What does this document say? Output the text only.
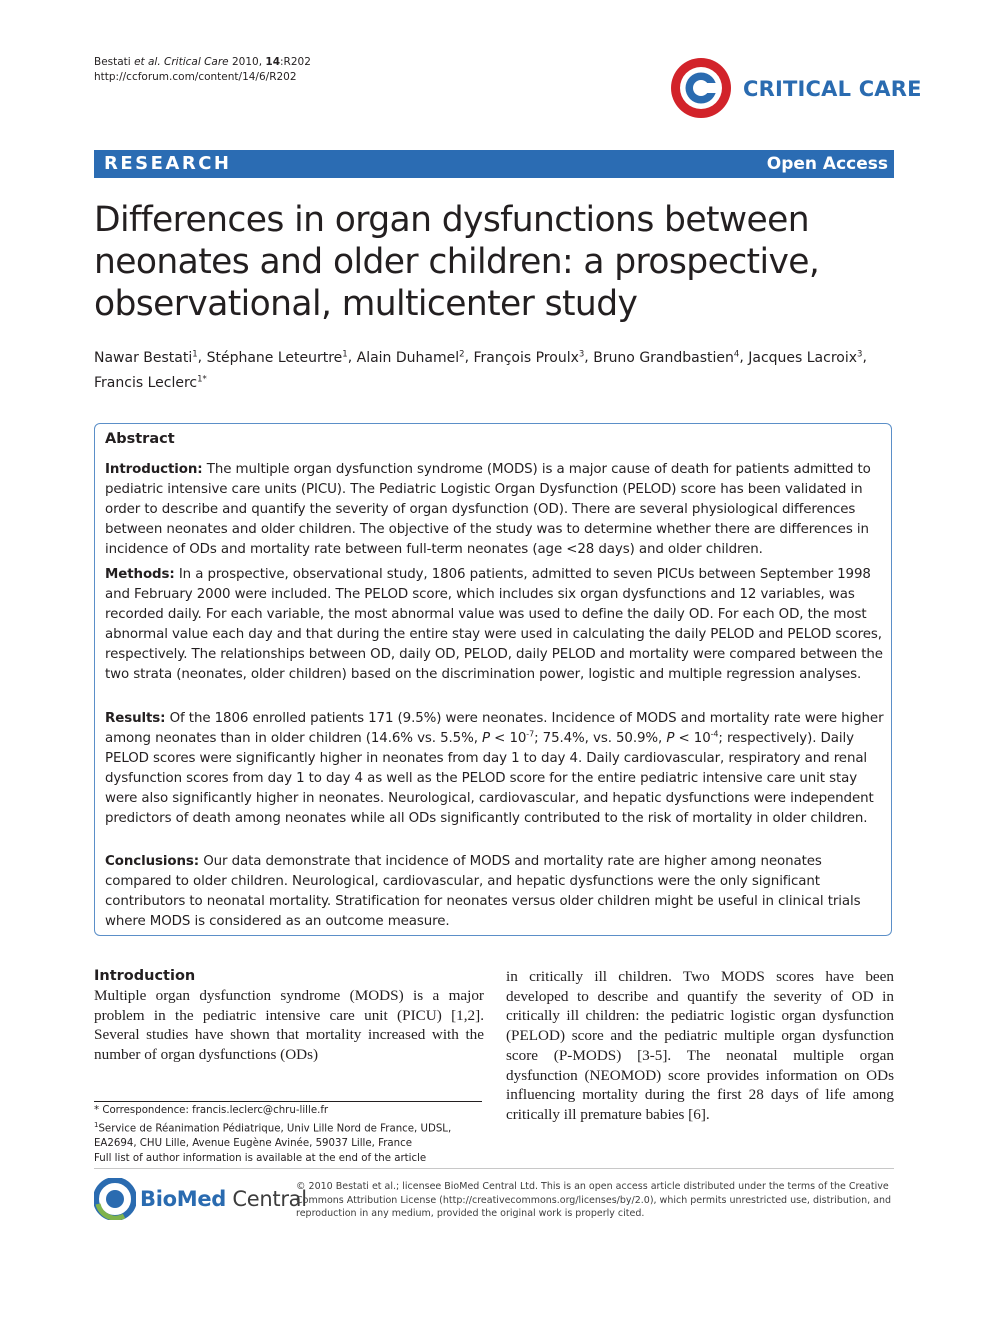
Bestati et al. Critical Care 2010, 14:R202
http://ccforum.com/content/14/6/R202	CRITICAL CARE
RESEARCH	Open Access
Differences in organ dysfunctions between neonates and older children: a prospective, observational, multicenter study
Nawar Bestati$^1$, Stéphane Leteurtre$^1$, Alain Duhamel$^2$, François Proulx$^3$, Bruno Grandbastien$^4$, Jacques Lacroix$^3$,
Francis Leclerc$^{1*}$
Abstract
Introduction: The multiple organ dysfunction syndrome (MODS) is a major cause of death for patients admitted to pediatric intensive care units (PICU). The Pediatric Logistic Organ Dysfunction (PELOD) score has been validated in order to describe and quantify the severity of organ dysfunction (OD). There are several physiological differences between neonates and older children. The objective of the study was to determine whether there are differences in incidence of ODs and mortality rate between full-term neonates (age <28 days) and older children.
Methods: In a prospective, observational study, 1806 patients, admitted to seven PICUs between September 1998 and February 2000 were included. The PELOD score, which includes six organ dysfunctions and 12 variables, was recorded daily. For each variable, the most abnormal value was used to define the daily OD. For each OD, the most abnormal value each day and that during the entire stay were used in calculating the daily PELOD and PELOD scores, respectively. The relationships between OD, daily OD, PELOD, daily PELOD and mortality were compared between the two strata (neonates, older children) based on the discrimination power, logistic and multiple regression analyses.
Results: Of the 1806 enrolled patients 171 (9.5%) were neonates. Incidence of MODS and mortality rate were higher among neonates than in older children (14.6% vs. 5.5%, $P < 10^{-7}$; 75.4%, vs. 50.9%, $P < 10^{-4}$; respectively). Daily PELOD scores were significantly higher in neonates from day 1 to day 4. Daily cardiovascular, respiratory and renal dysfunction scores from day 1 to day 4 as well as the PELOD score for the entire pediatric intensive care unit stay were also significantly higher in neonates. Neurological, cardiovascular, and hepatic dysfunctions were independent predictors of death among neonates while all ODs significantly contributed to the risk of mortality in older children.
Conclusions: Our data demonstrate that incidence of MODS and mortality rate are higher among neonates compared to older children. Neurological, cardiovascular, and hepatic dysfunctions were the only significant contributors to neonatal mortality. Stratification for neonates versus older children might be useful in clinical trials where MODS is considered as an outcome measure.
Introduction
Multiple organ dysfunction syndrome (MODS) is a major problem in the pediatric intensive care unit (PICU) [1,2]. Several studies have shown that mortality increased with the number of organ dysfunctions (ODs)
in critically ill children. Two MODS scores have been developed to describe and quantify the severity of OD in critically ill children: the pediatric logistic organ dysfunction (PELOD) score and the pediatric multiple organ dysfunction score (P-MODS) [3-5]. The neonatal multiple organ dysfunction (NEOMOD) score provides information on ODs influencing mortality during the first 28 days of life among critically ill premature babies [6].
* Correspondence: francis.leclerc@chru-lille.fr
$^1$Service de Réanimation Pédiatrique, Univ Lille Nord de France, UDSL, EA2694, CHU Lille, Avenue Eugène Avinée, 59037 Lille, France
Full list of author information is available at the end of the article
BioMed Central
© 2010 Bestati et al.; licensee BioMed Central Ltd. This is an open access article distributed under the terms of the Creative Commons Attribution License (http://creativecommons.org/licenses/by/2.0), which permits unrestricted use, distribution, and reproduction in any medium, provided the original work is properly cited.
